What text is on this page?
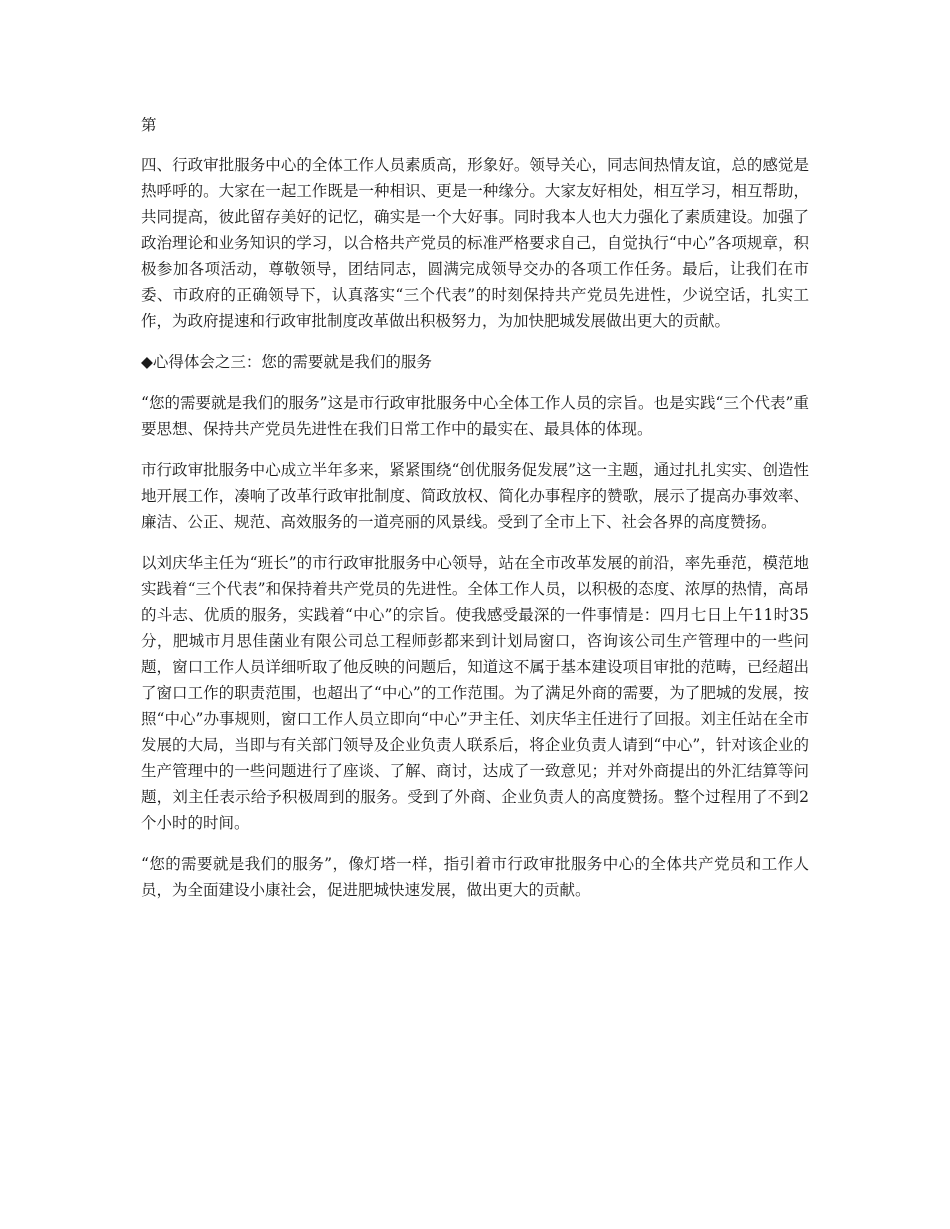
第

四、行政审批服务中心的全体工作人员素质高，形象好。领导关心，同志间热情友谊，总的感觉是热呼呼的。大家在一起工作既是一种相识、更是一种缘分。大家友好相处，相互学习，相互帮助，共同提高，彼此留存美好的记忆，确实是一个大好事。同时我本人也大力强化了素质建设。加强了政治理论和业务知识的学习，以合格共产党员的标准严格要求自己，自觉执行“中心”各项规章，积极参加各项活动，尊敬领导，团结同志，圆满完成领导交办的各项工作任务。最后，让我们在市委、市政府的正确领导下，认真落实“三个代表”的时刻保持共产党员先进性，少说空话，扎实工作，为政府提速和行政审批制度改革做出积极努力，为加快肥城发展做出更大的贡献。

◆心得体会之三：您的需要就是我们的服务

“您的需要就是我们的服务”这是市行政审批服务中心全体工作人员的宗旨。也是实践“三个代表”重要思想、保持共产党员先进性在我们日常工作中的最实在、最具体的体现。

市行政审批服务中心成立半年多来，紧紧围绕“创优服务促发展”这一主题，通过扎扎实实、创造性地开展工作，凑响了改革行政审批制度、简政放权、简化办事程序的赞歌，展示了提高办事效率、廉洁、公正、规范、高效服务的一道亮丽的风景线。受到了全市上下、社会各界的高度赞扬。

以刘庆华主任为“班长”的市行政审批服务中心领导，站在全市改革发展的前沿，率先垂范，模范地实践着“三个代表”和保持着共产党员的先进性。全体工作人员，以积极的态度、浓厚的热情，高昂的斗志、优质的服务，实践着“中心”的宗旨。使我感受最深的一件事情是：四月七日上午11时35分，肥城市月思佳菌业有限公司总工程师彭都来到计划局窗口，咨询该公司生产管理中的一些问题，窗口工作人员详细听取了他反映的问题后，知道这不属于基本建设项目审批的范畴，已经超出了窗口工作的职责范围，也超出了“中心”的工作范围。为了满足外商的需要，为了肥城的发展，按照“中心”办事规则，窗口工作人员立即向“中心”尹主任、刘庆华主任进行了回报。刘主任站在全市发展的大局，当即与有关部门领导及企业负责人联系后，将企业负责人请到“中心”，针对该企业的生产管理中的一些问题进行了座谈、了解、商讨，达成了一致意见；并对外商提出的外汇结算等问题，刘主任表示给予积极周到的服务。受到了外商、企业负责人的高度赞扬。整个过程用了不到2个小时的时间。

“您的需要就是我们的服务”，像灯塔一样，指引着市行政审批服务中心的全体共产党员和工作人员，为全面建设小康社会，促进肥城快速发展，做出更大的贡献。
